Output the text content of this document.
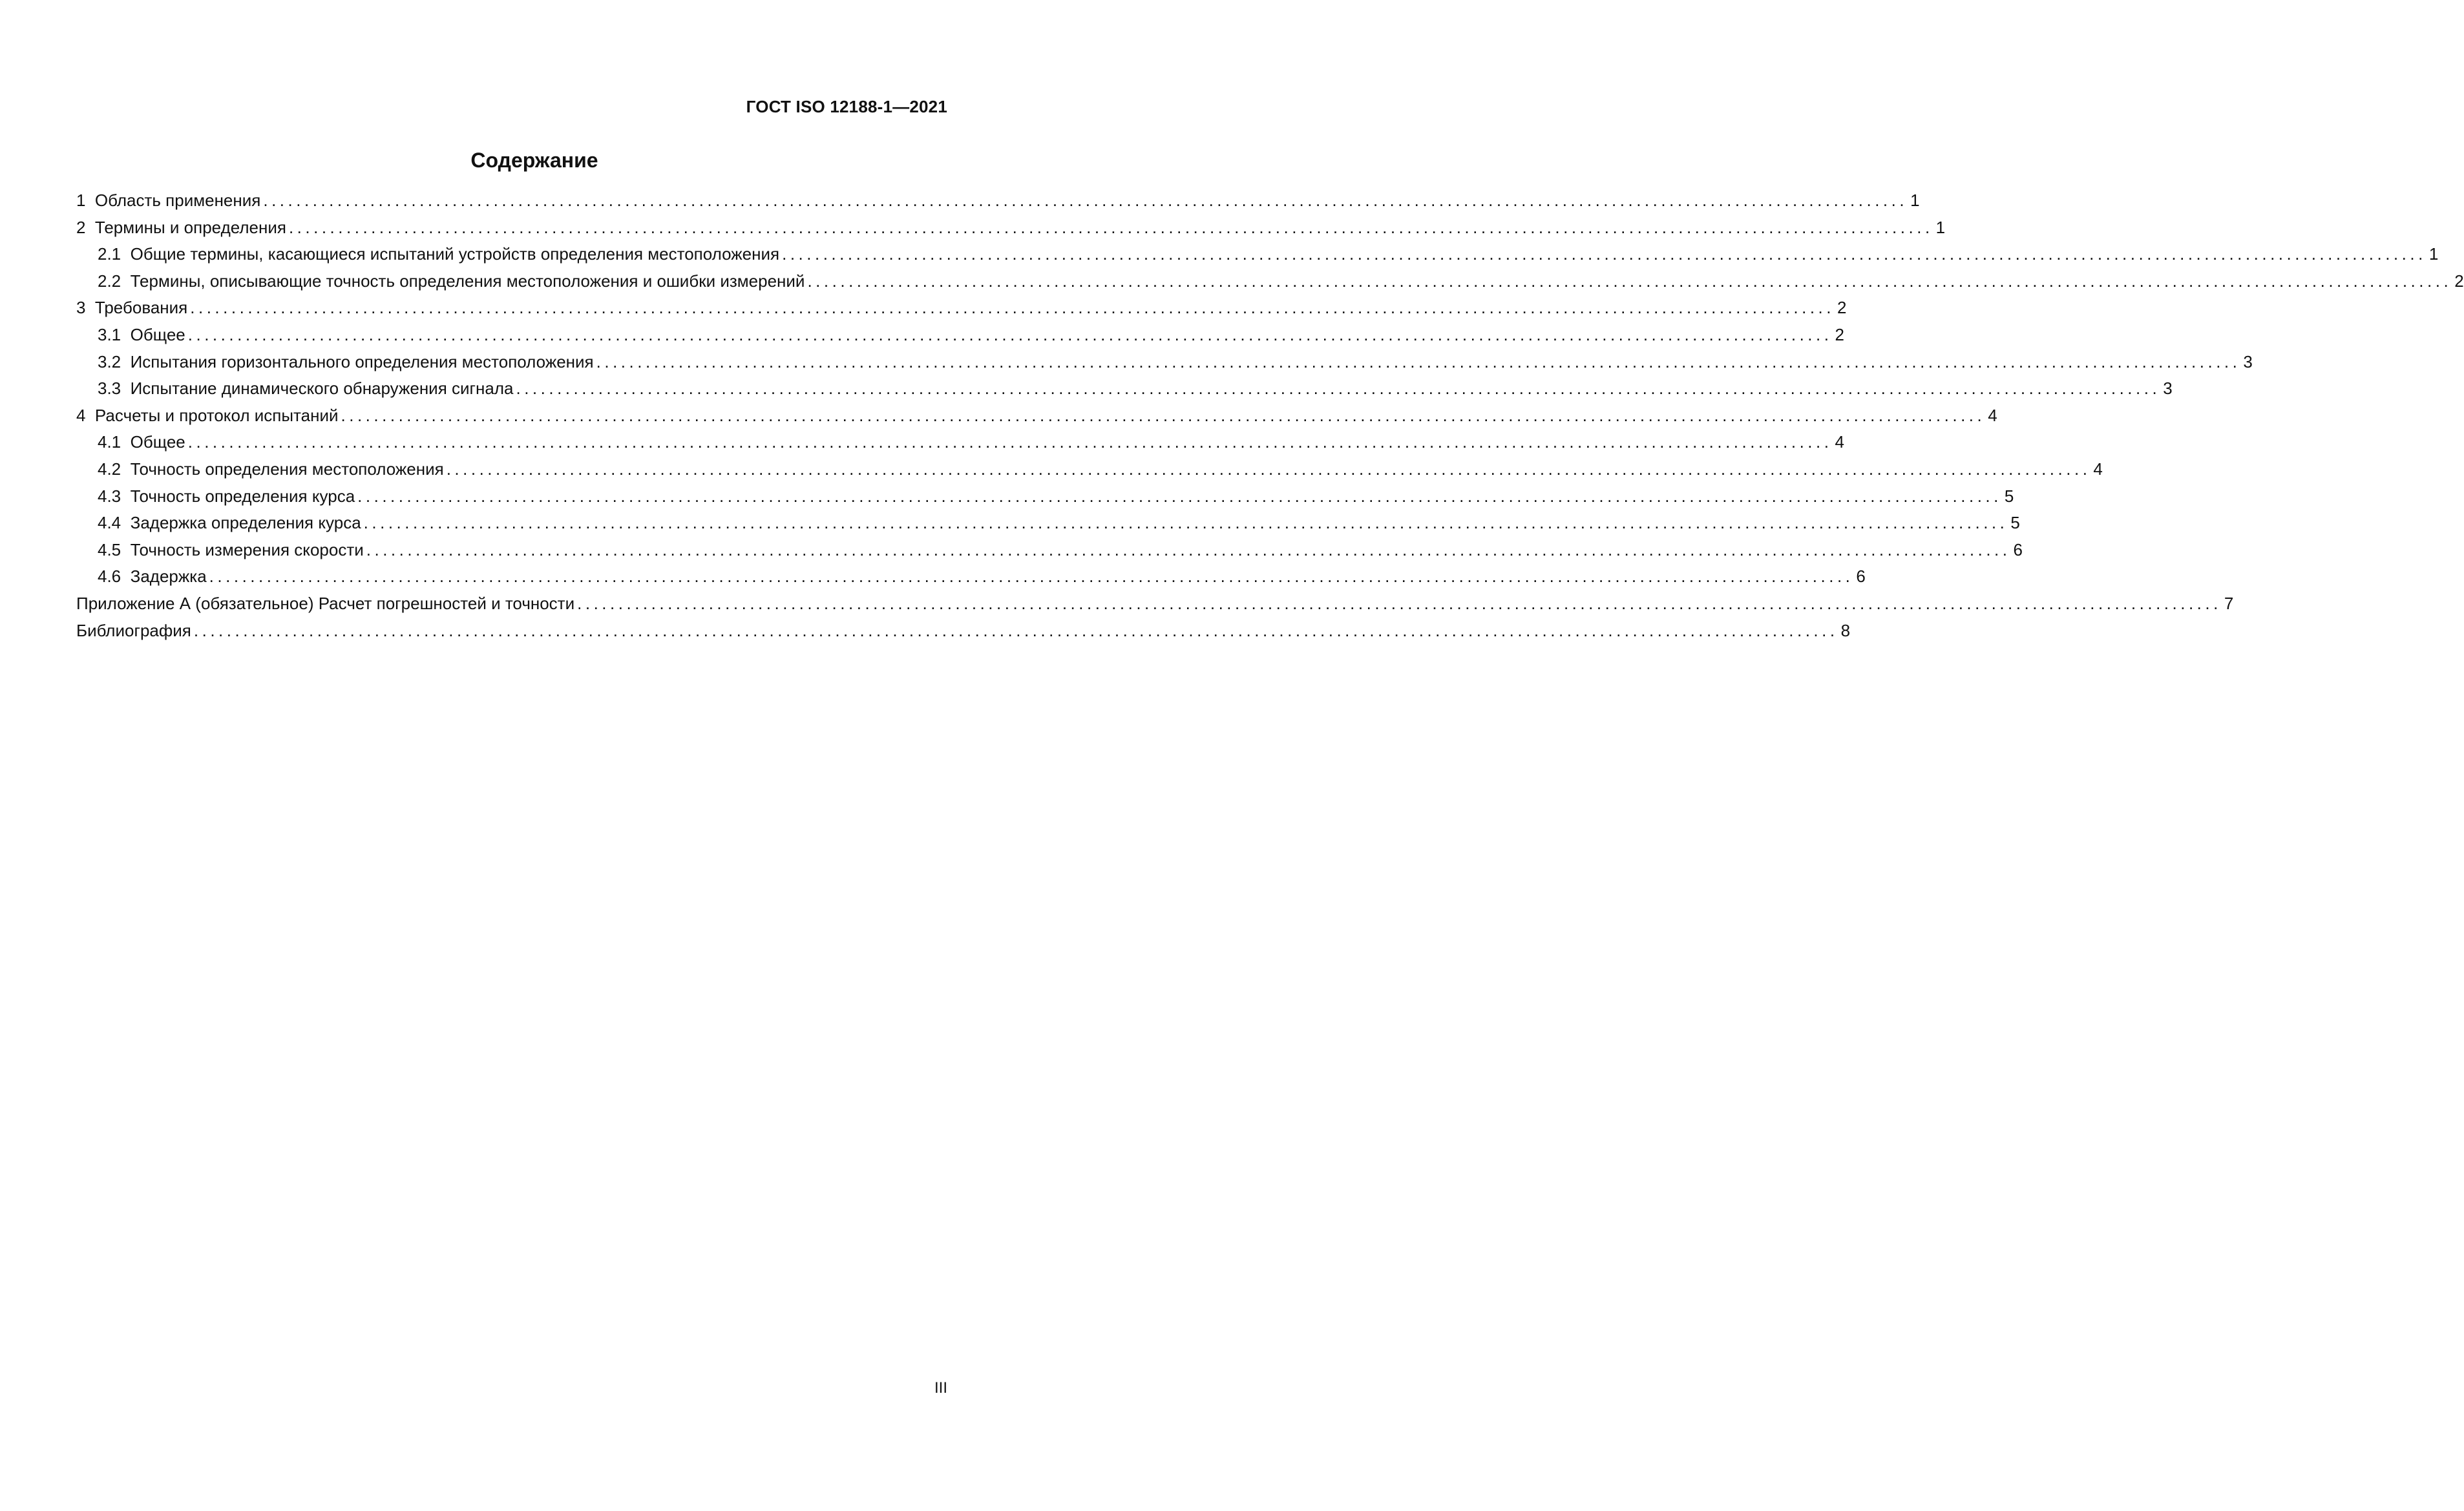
ГОСТ ISO 12188-1—2021
Содержание
1 Область применения ........................................................................................................................................................................................................ 1
2 Термины и определения ........................................................................................................................................................................................................ 1
2.1 Общие термины, касающиеся испытаний устройств определения местоположения ........................................................................................................................................................................................................ 1
2.2 Термины, описывающие точность определения местоположения и ошибки измерений ........................................................................................................................................................................................................ 2
3 Требования ........................................................................................................................................................................................................ 2
3.1 Общее ........................................................................................................................................................................................................ 2
3.2 Испытания горизонтального определения местоположения ........................................................................................................................................................................................................ 3
3.3 Испытание динамического обнаружения сигнала ........................................................................................................................................................................................................ 3
4 Расчеты и протокол испытаний ........................................................................................................................................................................................................ 4
4.1 Общее ........................................................................................................................................................................................................ 4
4.2 Точность определения местоположения ........................................................................................................................................................................................................ 4
4.3 Точность определения курса ........................................................................................................................................................................................................ 5
4.4 Задержка определения курса ........................................................................................................................................................................................................ 5
4.5 Точность измерения скорости ........................................................................................................................................................................................................ 6
4.6 Задержка ........................................................................................................................................................................................................ 6
Приложение А (обязательное) Расчет погрешностей и точности ........................................................................................................................................................................................................ 7
Библиография ........................................................................................................................................................................................................ 8
III
